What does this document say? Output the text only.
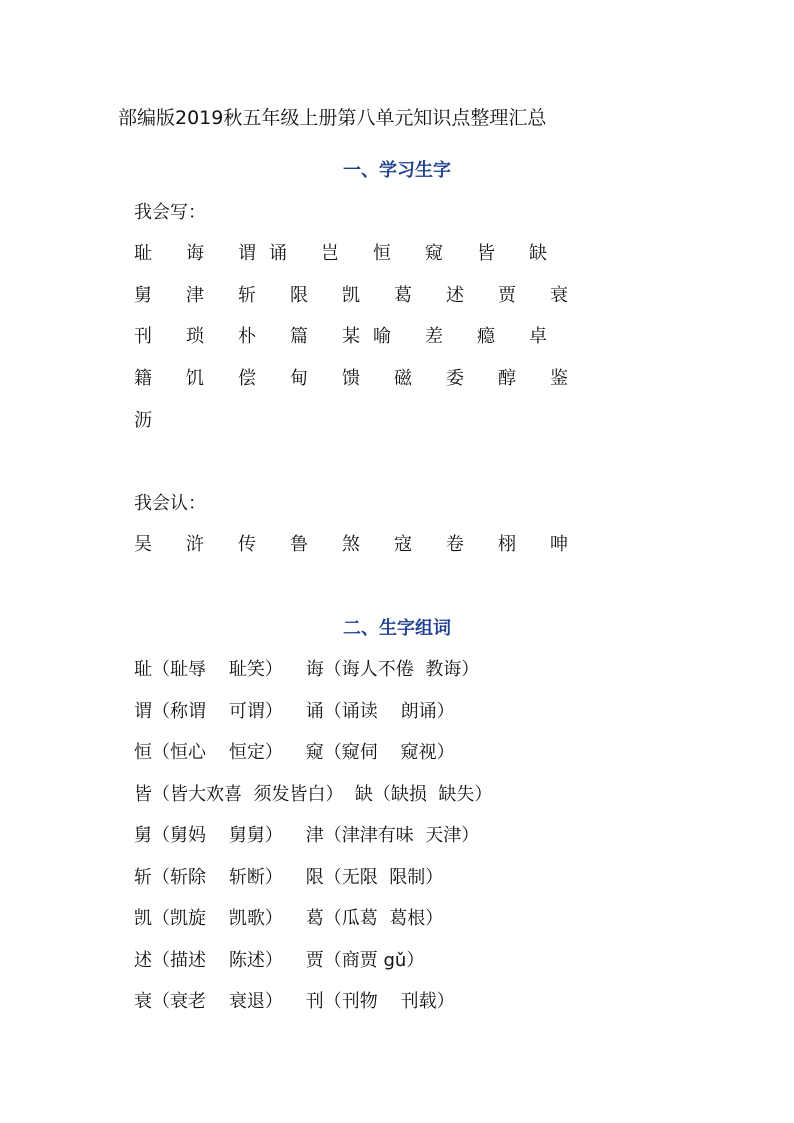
部编版2019秋五年级上册第八单元知识点整理汇总
一、学习生字
我会写：
耻 诲 谓 诵 岂 恒 窥 皆 缺
舅 津 斩 限 凯 葛 述 贾 衰
刊 琐 朴 篇 某 喻 差 瘾 卓
籍 饥 偿 甸 馈 磁 委 醇 鉴
沥
我会认：
吴 浒 传 鲁 煞 寇 卷 栩 呻
二、生字组词
耻（耻辱    耻笑）    诲（诲人不倦  教诲）
谓（称谓    可谓）    诵（诵读    朗诵）
恒（恒心    恒定）    窥（窥伺    窥视）
皆（皆大欢喜  须发皆白）  缺（缺损  缺失）
舅（舅妈    舅舅）    津（津津有味  天津）
斩（斩除    斩断）    限（无限  限制）
凯（凯旋    凯歌）    葛（瓜葛  葛根）
述（描述    陈述）    贾（商贾 gǔ）
衰（衰老    衰退）    刊（刊物    刊载）
